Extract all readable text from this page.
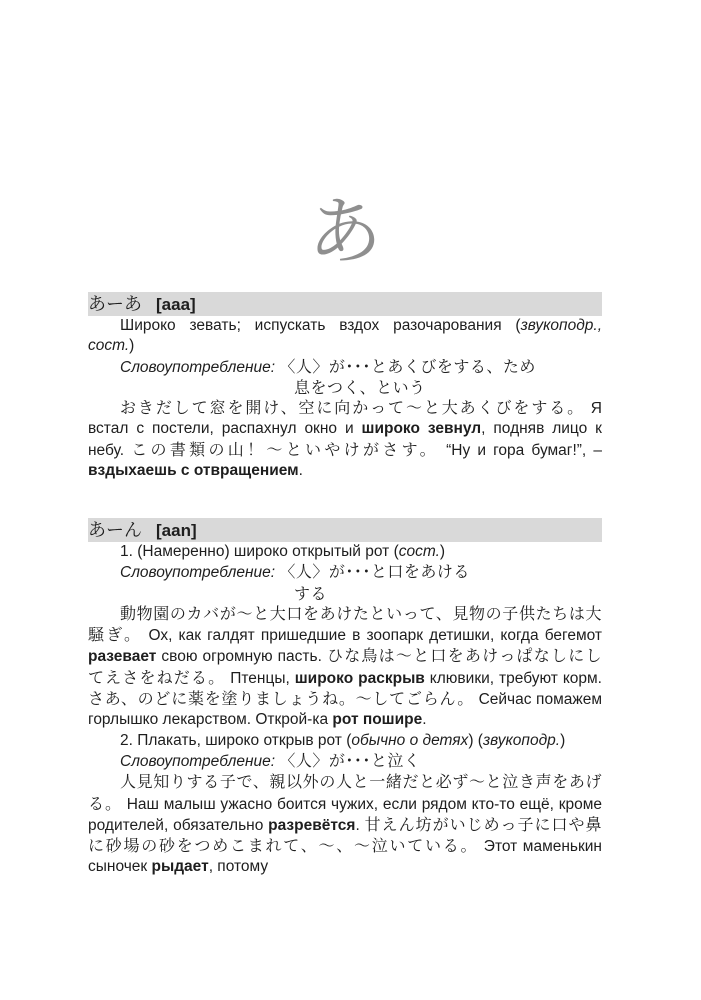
あ
あーあ [aaa]

Широко зевать; испускать вздох разочарования (звукоподр., сост.)

Словоупотребление: 〈人〉が･･･とあくびをする、ため
息をつく、という

おきだして窓を開け、空に向かって〜と大あくびをする。 Я встал с постели, распахнул окно и широко зевнул, подняв лицо к небу. この書類の山！〜といやけがさす。 “Ну и гора бумаг!”, – вздыхаешь с отвращением.

あーん [aan]

1. (Намеренно) широко открытый рот (сост.)

Словоупотребление: 〈人〉が･･･と口をあける
する

動物園のカバが〜と大口をあけたといって、見物の子供たちは大騒ぎ。 Ох, как галдят пришедшие в зоопарк детишки, когда бегемот разевает свою огромную пасть. ひな鳥は〜と口をあけっぱなしにしてえさをねだる。 Птенцы, широко раскрыв клювики, требуют корм. さあ、のどに薬を塗りましょうね。〜してごらん。 Сейчас помажем горлышко лекарством. Открой-ка рот пошире.

2. Плакать, широко открыв рот (обычно о детях) (звукоподр.)

Словоупотребление: 〈人〉が･･･と泣く

人見知りする子で、親以外の人と一緒だと必ず〜と泣き声をあげる。 Наш малыш ужасно боится чужих, если рядом кто-то ещё, кроме родителей, обязательно разревётся. 甘えん坊がいじめっ子に口や鼻に砂場の砂をつめこまれて、〜、〜泣いている。 Этот маменькин сыночек рыдает, потому
